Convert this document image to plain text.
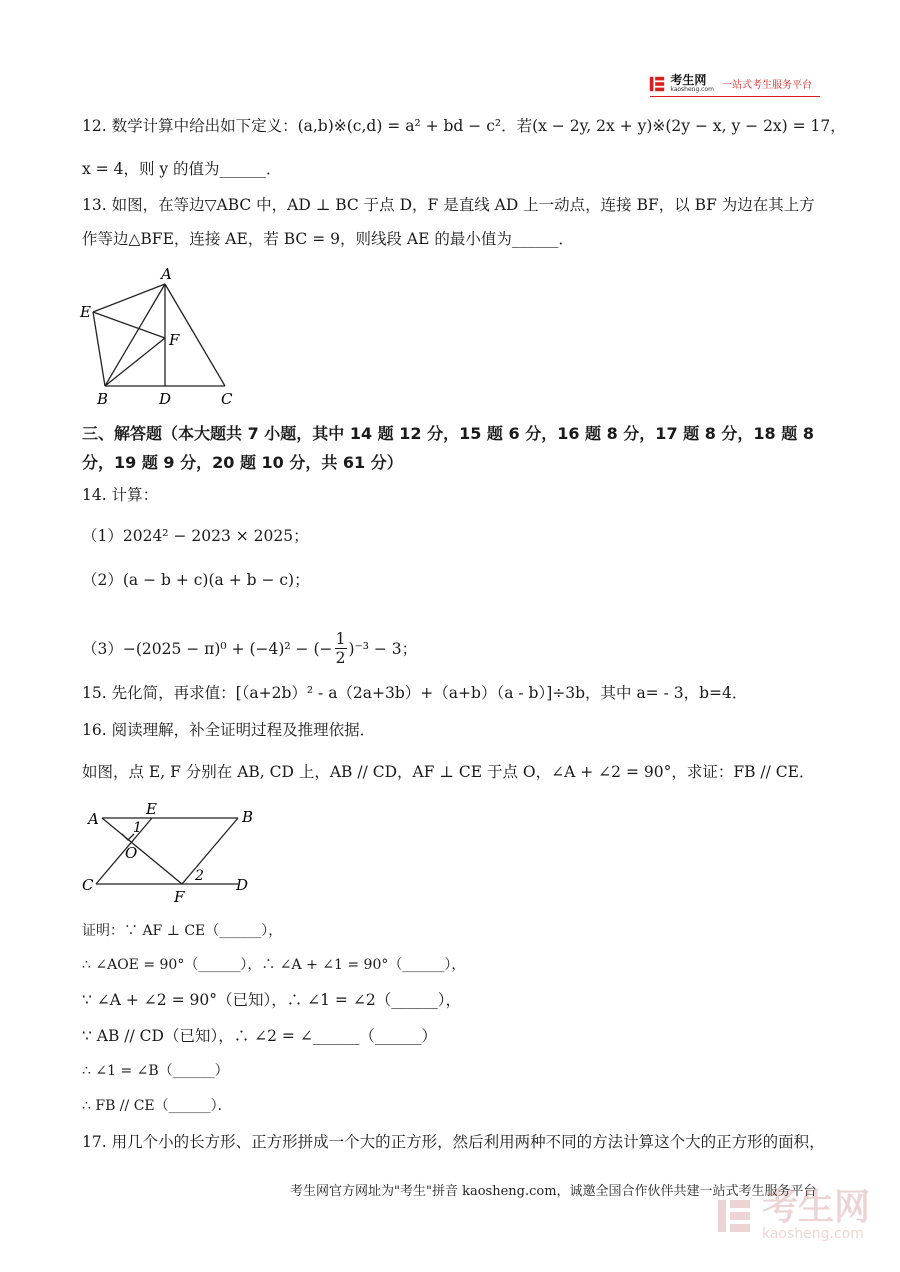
考生网
kaosheng.com 一站式考生服务平台
12. 数学计算中给出如下定义：(a,b)※(c,d) = a² + bd − c²．若(x − 2y, 2x + y)※(2y − x, y − 2x) = 17，
x = 4，则 y 的值为______．
13. 如图，在等边▽ABC 中，AD ⊥ BC 于点 D，F 是直线 AD 上一动点，连接 BF，以 BF 为边在其上方
作等边△BFE，连接 AE，若 BC = 9，则线段 AE 的最小值为______．
A
E
F
B	D	C
三、解答题（本大题共 7 小题，其中 14 题 12 分，15 题 6 分，16 题 8 分，17 题 8 分，18 题 8
分，19 题 9 分，20 题 10 分，共 61 分）
14. 计算：
（1）2024² − 2023 × 2025；
（2）(a − b + c)(a + b − c)；
（3）−(2025 − π)⁰ + (−4)² − (−
1
2
)⁻³ − 3；
15. 先化简，再求值：[（a+2b）² - a（2a+3b）+（a+b）（a - b）]÷3b，其中 a= - 3，b=4．
16. 阅读理解，补全证明过程及推理依据．
如图，点 E, F 分别在 AB, CD 上，AB // CD，AF ⊥ CE 于点 O，∠A + ∠2 = 90°，求证：FB // CE．
A
E	B
1
O
C
F
2 D
证明：∵ AF ⊥ CE（______），
∴ ∠AOE = 90°（______），∴ ∠A + ∠1 = 90°（______），
∵ ∠A + ∠2 = 90°（已知），∴ ∠1 = ∠2（______），
∵ AB // CD（已知），∴ ∠2 = ∠______（______）
∴ ∠1 = ∠B（______）
∴ FB // CE（______）．
17. 用几个小的长方形、正方形拼成一个大的正方形，然后利用两种不同的方法计算这个大的正方形的面积，
考生网官方网址为"考生"拼音 kaosheng.com，诚邀全国合作伙伴共建一站式考生服务平台
考生网
kaosheng.com
